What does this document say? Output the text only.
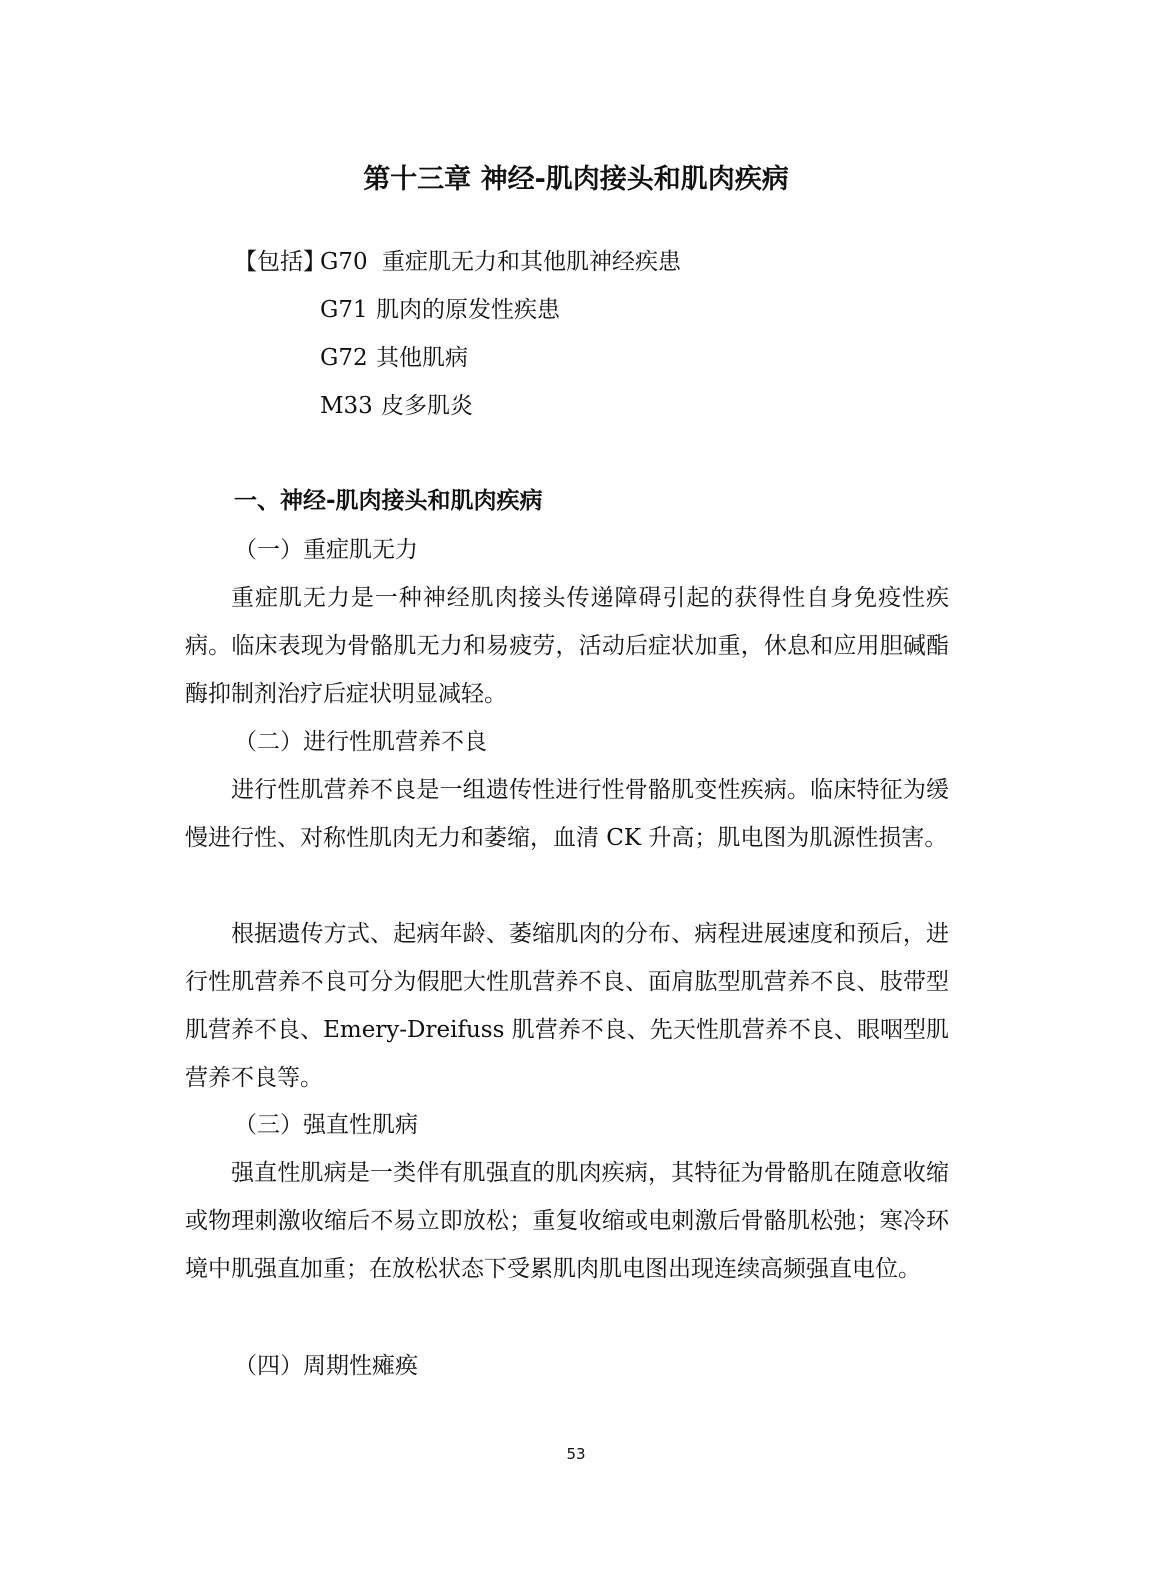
第十三章 神经-肌肉接头和肌肉疾病
【包括】
G70 重症肌无力和其他肌神经疾患
G71 肌肉的原发性疾患
G72 其他肌病
M33 皮多肌炎
一、神经-肌肉接头和肌肉疾病
（一）重症肌无力

重症肌无力是一种神经肌肉接头传递障碍引起的获得性自身免疫性疾病。临床表现为骨骼肌无力和易疲劳，活动后症状加重，休息和应用胆碱酯酶抑制剂治疗后症状明显减轻。

（二）进行性肌营养不良

进行性肌营养不良是一组遗传性进行性骨骼肌变性疾病。临床特征为缓慢进行性、对称性肌肉无力和萎缩，血清 CK 升高；肌电图为肌源性损害。

根据遗传方式、起病年龄、萎缩肌肉的分布、病程进展速度和预后，进行性肌营养不良可分为假肥大性肌营养不良、面肩肱型肌营养不良、肢带型肌营养不良、Emery-Dreifuss 肌营养不良、先天性肌营养不良、眼咽型肌营养不良等。

（三）强直性肌病

强直性肌病是一类伴有肌强直的肌肉疾病，其特征为骨骼肌在随意收缩或物理刺激收缩后不易立即放松；重复收缩或电刺激后骨骼肌松弛；寒冷环境中肌强直加重；在放松状态下受累肌肉肌电图出现连续高频强直电位。

（四）周期性瘫痪
53
